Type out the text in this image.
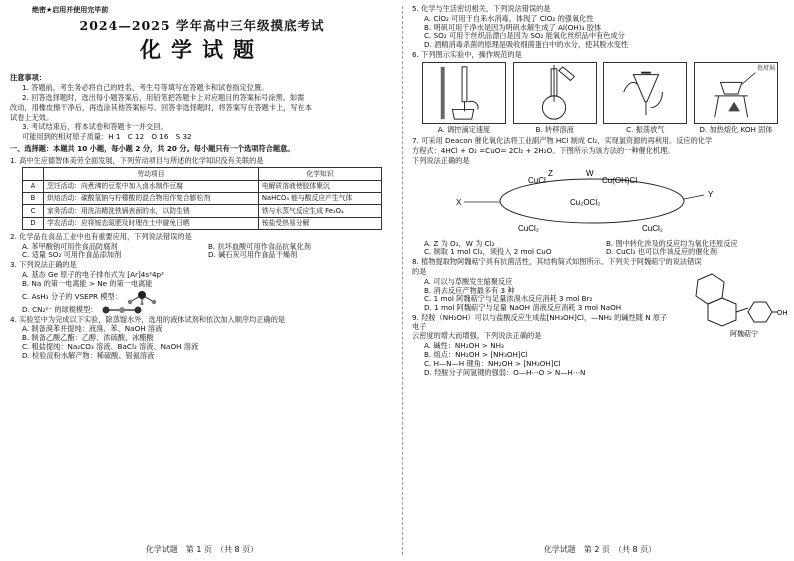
绝密★启用并使用完毕前
2024—2025 学年高中三年级摸底考试
化学试题
注意事项：

1. 答题前，考生务必将自己的姓名、考生号等填写在答题卡和试卷指定位置。

2. 回答选择题时，选出每小题答案后，用铅笔把答题卡上对应题目的答案标号涂黑。如需

改动，用橡皮擦干净后，再选涂其他答案标号。回答非选择题时，将答案写在答题卡上，写在本

试卷上无效。

3. 考试结束后，将本试卷和答题卡一并交回。

可能用到的相对原子质量：H 1　C 12　O 16　S 32

一、选择题：本题共 10 小题，每小题 2 分，共 20 分。每小题只有一个选项符合题意。
1. 高中生应德智体美劳全面发展，下列劳动项目与所述的化学知识没有关联的是
	劳动项目	化学知识
A	烹饪活动：向煮沸的豆浆中加入卤水制作豆腐	电解质溶液使胶体聚沉
B	烘焙活动：碳酸氢钠与柠檬酸的混合物用作复合膨松剂	NaHCO₃ 能与酸反应产生气体
C	家务活动：用洗洁精洗铁锅表面的水，以防生锈	铁与水蒸气反应生成 Fe₃O₄
D	学农活动：应将铵态氮肥及时埋在土中避免日晒	铵盐受热易分解
2. 化学品在食品工业中也有重要应用，下列说法错误的是
A. 苯甲酸钠可用作食品防腐剂	B. 抗坏血酸可用作食品抗氧化剂
C. 适量 SO₂ 可用作食品添加剂	D. 碱石灰可用作食品干燥剂
3. 下列说法正确的是
A. 基态 Ge 原子的电子排布式为 [Ar]4s²4p²
B. Na 的第一电离能 > Ne 的第一电离能
C. AsH₃ 分子的 VSEPR 模型：
D. CN₂²⁻ 的球棍模型：
4. 实验室中为完成以下实验，除蒸馏水外，选用的液体试剂和依次加入顺序均正确的是
A. 制备溴苯并提纯：液溴、苯、NaOH 溶液
B. 制备乙酸乙酯：乙醇、浓硫酸、冰醋酸
C. 粗盐提纯：Na₂CO₃ 溶液、BaCl₂ 溶液、NaOH 溶液
D. 检验淀粉水解产物：稀硫酸、银氨溶液
化学试题　第 1 页　（共 8 页）
5. 化学与生活密切相关，下列说法错误的是
A. ClO₂ 可用于自来水消毒，体现了 ClO₂ 的强氧化性
B. 明矾可用于净水是因为明矾水解生成了 Al(OH)₃ 胶体
C. SO₂ 可用于丝织品漂白是因为 SO₂ 能氧化丝织品中有色成分
D. 酒精消毒杀菌的原理是吸收细菌蛋白中的水分，使其脱水变性
6. 下列图示实验中，操作规范的是
瓷坩埚
A. 调控滴定速度	B. 转移溶液	C. 振荡放气	D. 加热熔化 KOH 固体
7. 可采用 Deacon 催化氧化法将工业副产物 HCl 制成 Cl₂，实现氯资源的再利用。反应的化学
方程式：4HCl + O₂ =CuO= 2Cl₂ + 2H₂O。下图所示为该方法的一种催化机理。
下列说法正确的是
X
Y
Z	W
CuCl	Cu(OH)Cl
Cu₂OCl₂
CuCl₂	CuCl₂
A. Z 为 O₂，W 为 Cl₂	B. 图中转化涉及的反应均为氧化还原反应
C. 制取 1 mol Cl₂，须投入 2 mol CuO	D. CuCl₂ 也可以作该反应的催化剂
8. 植物提取物阿魏萜宁具有抗菌活性，其结构简式如图所示。下列关于阿魏萜宁的说法错误
OH
阿魏萜宁
的是
A. 可以与草酸发生缩聚反应
B. 消去反应产物最多有 3 种
C. 1 mol 阿魏萜宁与足量浓溴水反应消耗 3 mol Br₂
D. 1 mol 阿魏萜宁与足量 NaOH 溶液反应消耗 3 mol NaOH
9. 羟胺（NH₂OH）可以与盐酸反应生成盐[NH₃OH]Cl，—NH₂ 的碱性随 N 原子电子
云密度的增大而增强，下列说法正确的是
A. 碱性：NH₂OH > NH₃
B. 熔点：NH₂OH > [NH₃OH]Cl
C. H—N—H 键角：NH₂OH > [NH₃OH]Cl
D. 羟胺分子间氢键的强弱：O—H⋯O > N—H⋯N
化学试题　第 2 页　（共 8 页）
